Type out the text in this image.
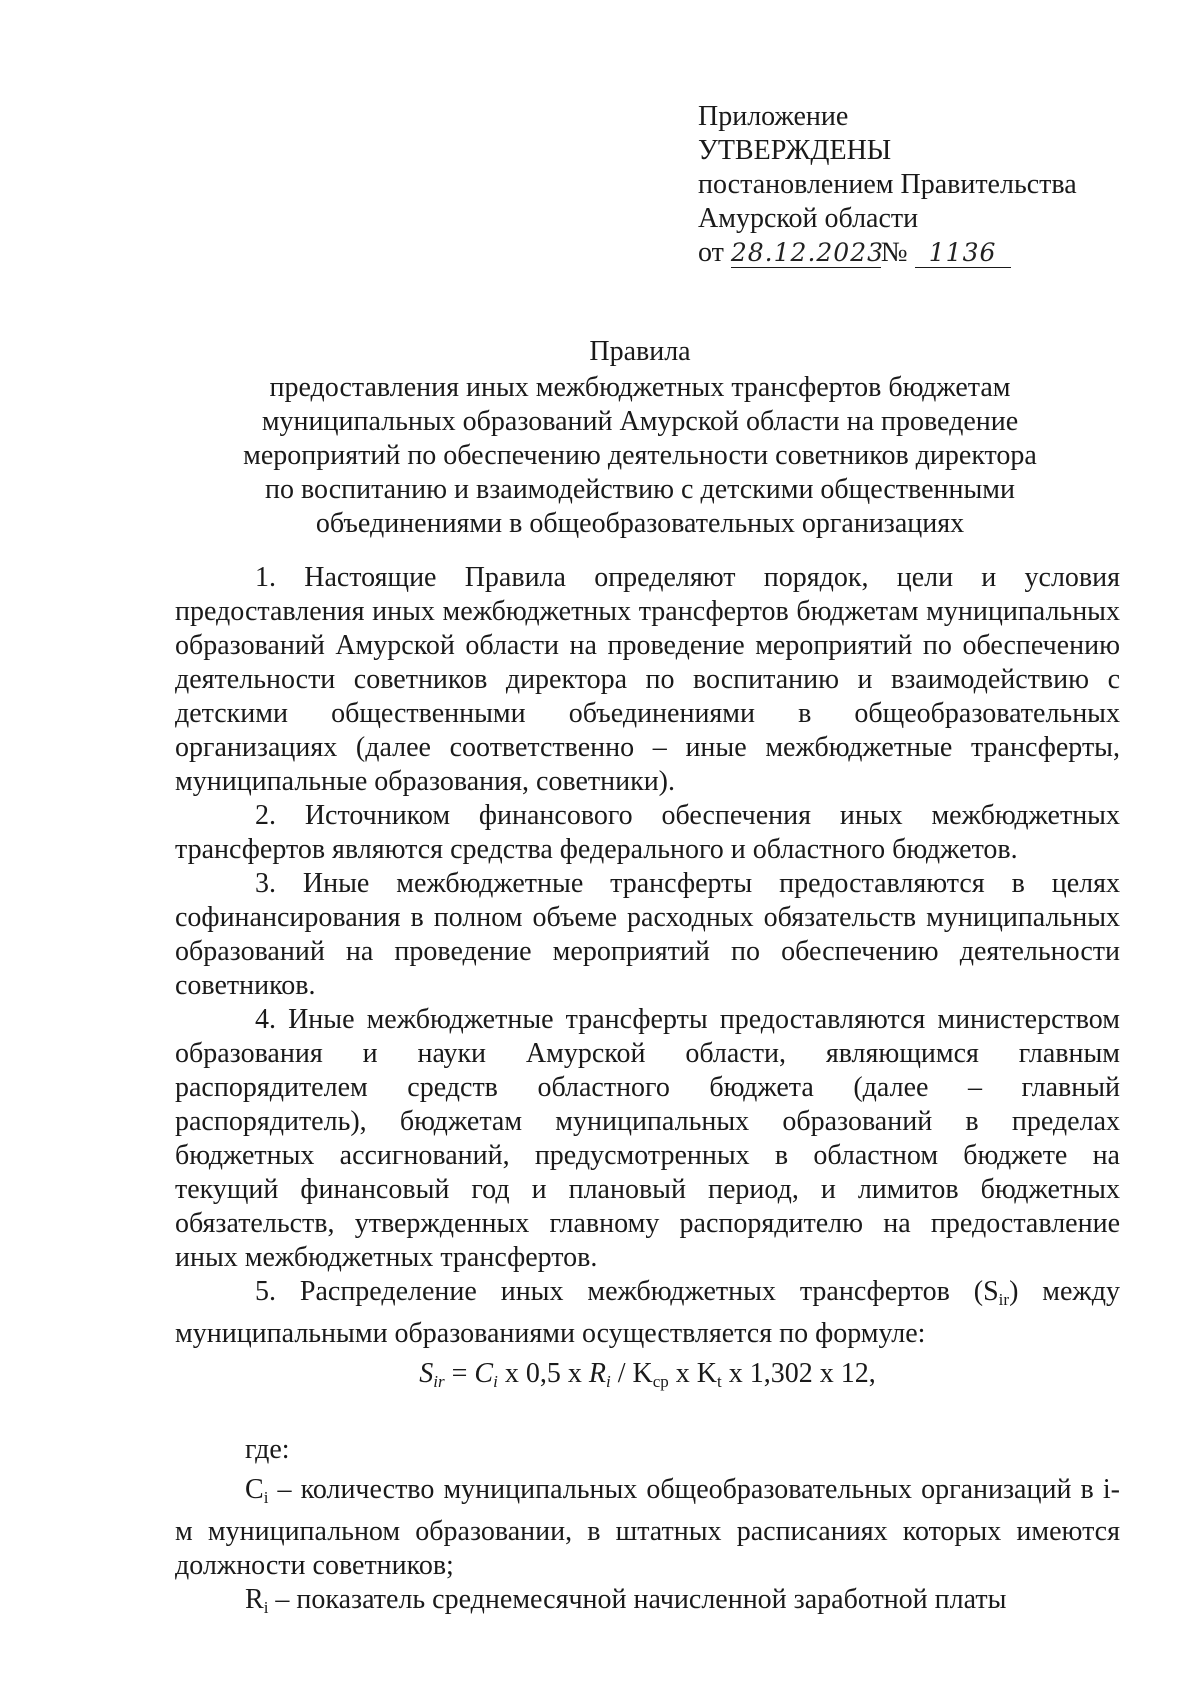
Приложение
УТВЕРЖДЕНЫ
постановлением Правительства
Амурской области
от 28.12.2023№ 1136
Правила
предоставления иных межбюджетных трансфертов бюджетам
муниципальных образований Амурской области на проведение
мероприятий по обеспечению деятельности советников директора
по воспитанию и взаимодействию с детскими общественными
объединениями в общеобразовательных организациях

1. Настоящие Правила определяют порядок, цели и условия предоставления иных межбюджетных трансфертов бюджетам муниципальных образований Амурской области на проведение мероприятий по обеспечению деятельности советников директора по воспитанию и взаимодействию с детскими общественными объединениями в общеобразовательных организациях (далее соответственно – иные межбюджетные трансферты, муниципальные образования, советники).

2. Источником финансового обеспечения иных межбюджетных трансфертов являются средства федерального и областного бюджетов.

3. Иные межбюджетные трансферты предоставляются в целях софинансирования в полном объеме расходных обязательств муниципальных образований на проведение мероприятий по обеспечению деятельности советников.

4. Иные межбюджетные трансферты предоставляются министерством образования и науки Амурской области, являющимся главным распорядителем средств областного бюджета (далее – главный распорядитель), бюджетам муниципальных образований в пределах бюджетных ассигнований, предусмотренных в областном бюджете на текущий финансовый год и плановый период, и лимитов бюджетных обязательств, утвержденных главному распорядителю на предоставление иных межбюджетных трансфертов.

5. Распределение иных межбюджетных трансфертов $(S_{ir})$ между муниципальными образованиями осуществляется по формуле:

$S_{ir} = C_i$ x 0,5 x $R_i / K_{ср}$ x $K_t$ x 1,302 x 12,

где:

$C_i$ – количество муниципальных общеобразовательных организаций в i-м муниципальном образовании, в штатных расписаниях которых имеются должности советников;

$R_i$ – показатель среднемесячной начисленной заработной платы
